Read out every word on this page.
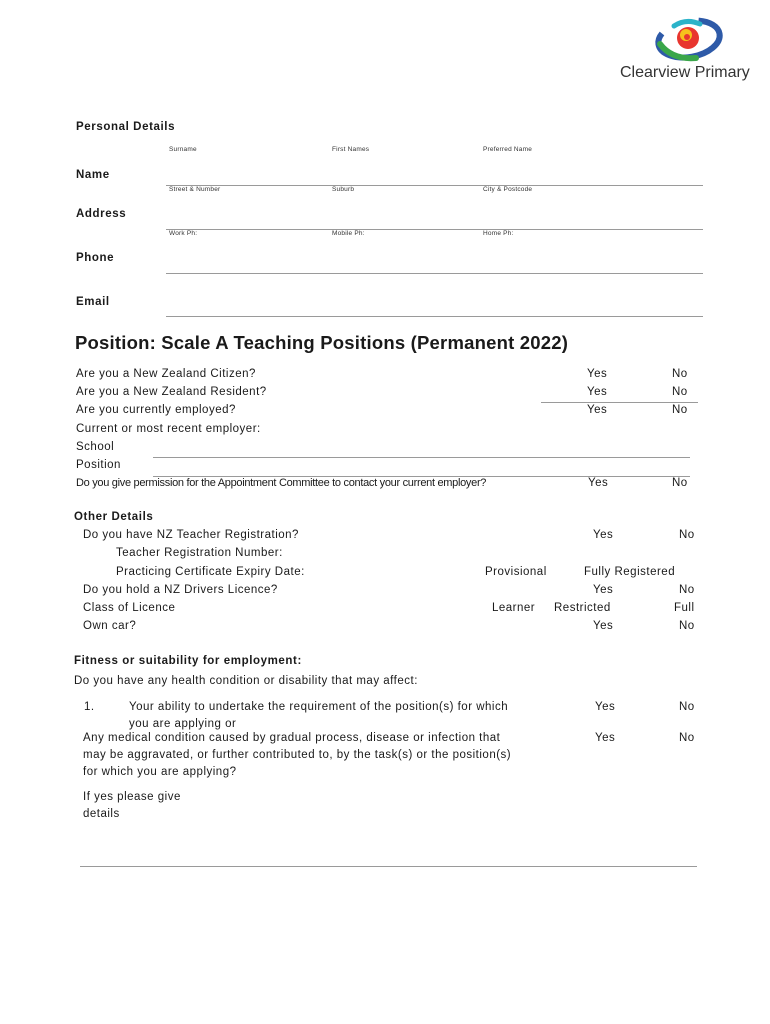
Clearview Primary
Personal Details
Surname	First Names	Preferred Name
Name
Street & Number	Suburb	City & Postcode
Address
Work Ph:	Mobile Ph:	Home Ph:
Phone
Email
Position: Scale A Teaching Positions (Permanent 2022)
Are you a New Zealand Citizen?	Yes	No
Are you a New Zealand Resident?	Yes	No
Are you currently employed?	Yes	No
Current or most recent employer:
School
Position
Do you give permission for the Appointment Committee to contact your current employer?	Yes	No
Other Details
Do you have NZ Teacher Registration?	Yes	No
Teacher Registration Number:
Practicing Certificate Expiry Date:	Provisional	Fully Registered
Do you hold a NZ Drivers Licence?	Yes	No
Class of Licence	Learner Restricted	Full
Own car?	Yes	No
Fitness or suitability for employment:
Do you have any health condition or disability that may affect:
1.	Your ability to undertake the requirement of the position(s) for which
you are applying or
Yes	No
Any medical condition caused by gradual process, disease or infection that
may be aggravated, or further contributed to, by the task(s) or the position(s)
for which you are applying?
Yes	No
If yes please give
details
